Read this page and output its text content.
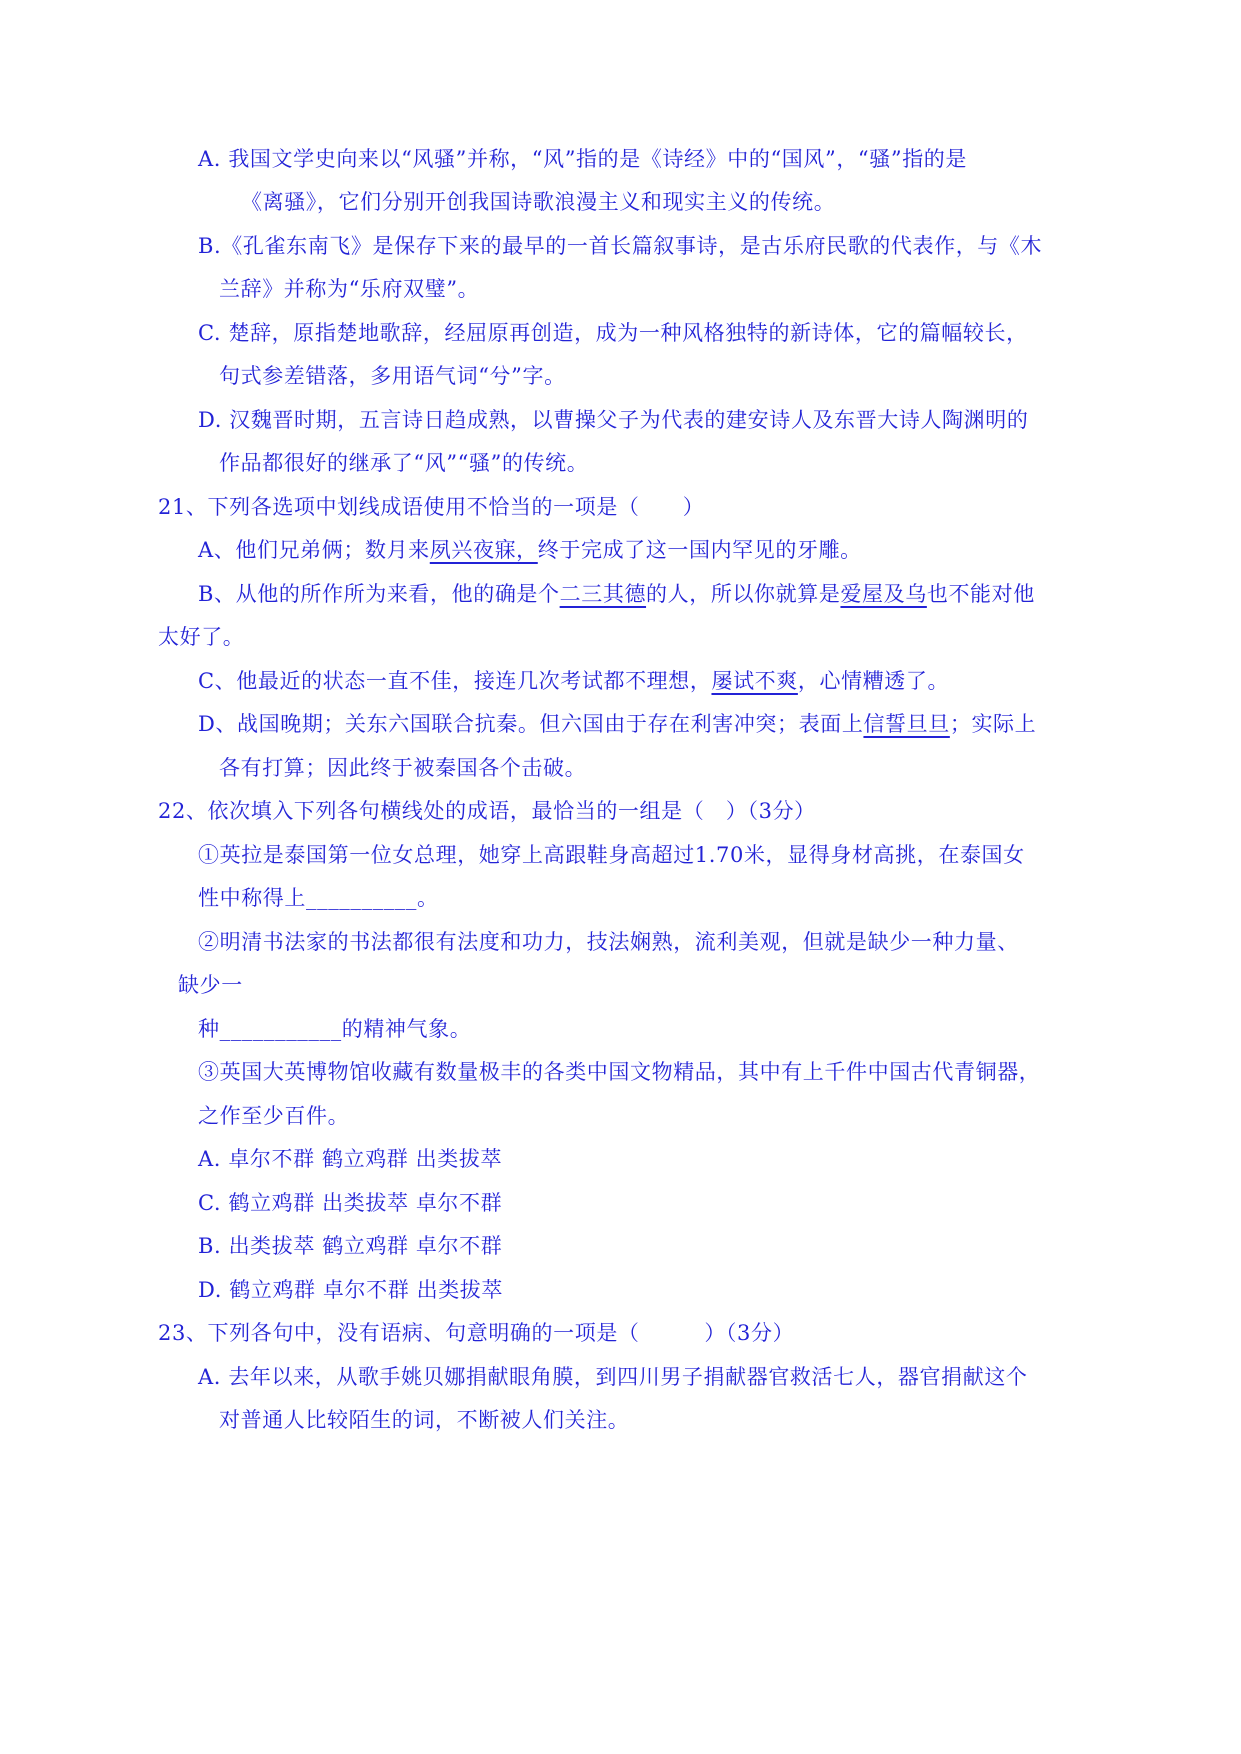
A. 我国文学史向来以“风骚”并称，“风”指的是《诗经》中的“国风”，“骚”指的是
《离骚》，它们分别开创我国诗歌浪漫主义和现实主义的传统。
B.《孔雀东南飞》是保存下来的最早的一首长篇叙事诗，是古乐府民歌的代表作，与《木
兰辞》并称为“乐府双璧”。
C. 楚辞，原指楚地歌辞，经屈原再创造，成为一种风格独特的新诗体，它的篇幅较长，
句式参差错落，多用语气词“兮”字。
D. 汉魏晋时期，五言诗日趋成熟，以曹操父子为代表的建安诗人及东晋大诗人陶渊明的
作品都很好的继承了“风”“骚”的传统。
21、下列各选项中划线成语使用不恰当的一项是（　　）
A、他们兄弟俩；数月来夙兴夜寐，终于完成了这一国内罕见的牙雕。
B、从他的所作所为来看，他的确是个二三其德的人，所以你就算是爱屋及乌也不能对他
太好了。
C、他最近的状态一直不佳，接连几次考试都不理想，屡试不爽，心情糟透了。
D、战国晚期；关东六国联合抗秦。但六国由于存在利害冲突；表面上信誓旦旦；实际上
各有打算；因此终于被秦国各个击破。
22、依次填入下列各句横线处的成语，最恰当的一组是（　）（3分）
①英拉是泰国第一位女总理，她穿上高跟鞋身高超过1.70米，显得身材高挑，在泰国女
性中称得上__________。
②明清书法家的书法都很有法度和功力，技法娴熟，流利美观，但就是缺少一种力量、
缺少一
种___________的精神气象。
③英国大英博物馆收藏有数量极丰的各类中国文物精品，其中有上千件中国古代青铜器，
之作至少百件。
A. 卓尔不群 鹤立鸡群 出类拔萃
C. 鹤立鸡群 出类拔萃 卓尔不群
B. 出类拔萃 鹤立鸡群 卓尔不群
D. 鹤立鸡群 卓尔不群 出类拔萃
23、下列各句中，没有语病、句意明确的一项是（　　　）（3分）
A. 去年以来，从歌手姚贝娜捐献眼角膜，到四川男子捐献器官救活七人，器官捐献这个
对普通人比较陌生的词，不断被人们关注。
